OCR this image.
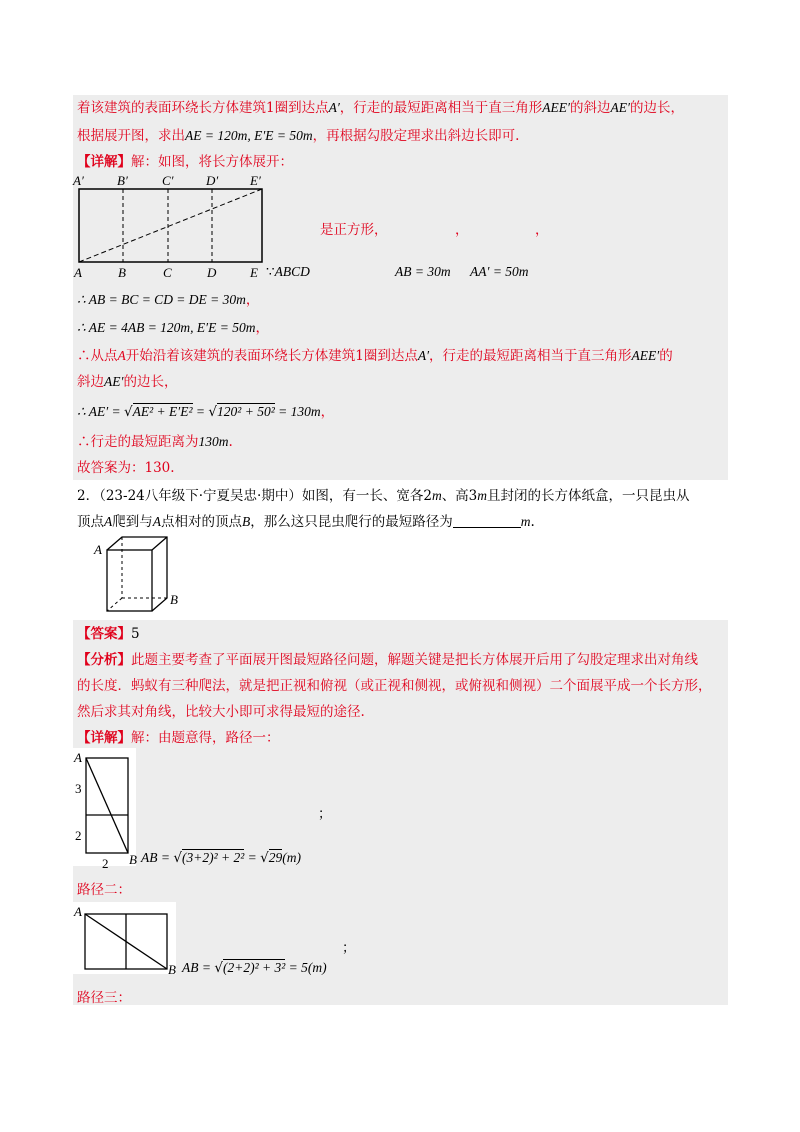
着该建筑的表面环绕长方体建筑1圈到达点A′，行走的最短距离相当于直三角形AEE′的斜边AE′的边长，
根据展开图，求出AE = 120m, E′E = 50m，再根据勾股定理求出斜边长即可.
【详解】解：如图，将长方体展开：
A′	B′	C′ D′ E′
A	B	C	D	E
是正方形，	，	，
∵ABCD	AB = 30m AA′ = 50m
∴ AB = BC = CD = DE = 30m，
∴ AE = 4AB = 120m, E′E = 50m，
∴从点A开始沿着该建筑的表面环绕长方体建筑1圈到达点A′，行走的最短距离相当于直三角形AEE′的
斜边AE′的边长，
∴ AE′ = √AE² + E′E² = √120² + 50² = 130m，
∴行走的最短距离为130m.
故答案为：130.
2．（23-24八年级下·宁夏吴忠·期中）如图，有一长、宽各2m、高3m且封闭的长方体纸盒，一只昆虫从
顶点A爬到与A点相对的顶点B，那么这只昆虫爬行的最短路径为	m.
A
B
【答案】5
【分析】此题主要考查了平面展开图最短路径问题，解题关键是把长方体展开后用了勾股定理求出对角线
的长度．蚂蚁有三种爬法，就是把正视和俯视（或正视和侧视，或俯视和侧视）二个面展平成一个长方形，
然后求其对角线，比较大小即可求得最短的途径.
【详解】解：由题意得，路径一：
A
3
2
2 B
；
AB = √(3+2)² + 2² = √29(m)
路径二：
A
B
；
AB = √(2+2)² + 3² = 5(m)
路径三：
